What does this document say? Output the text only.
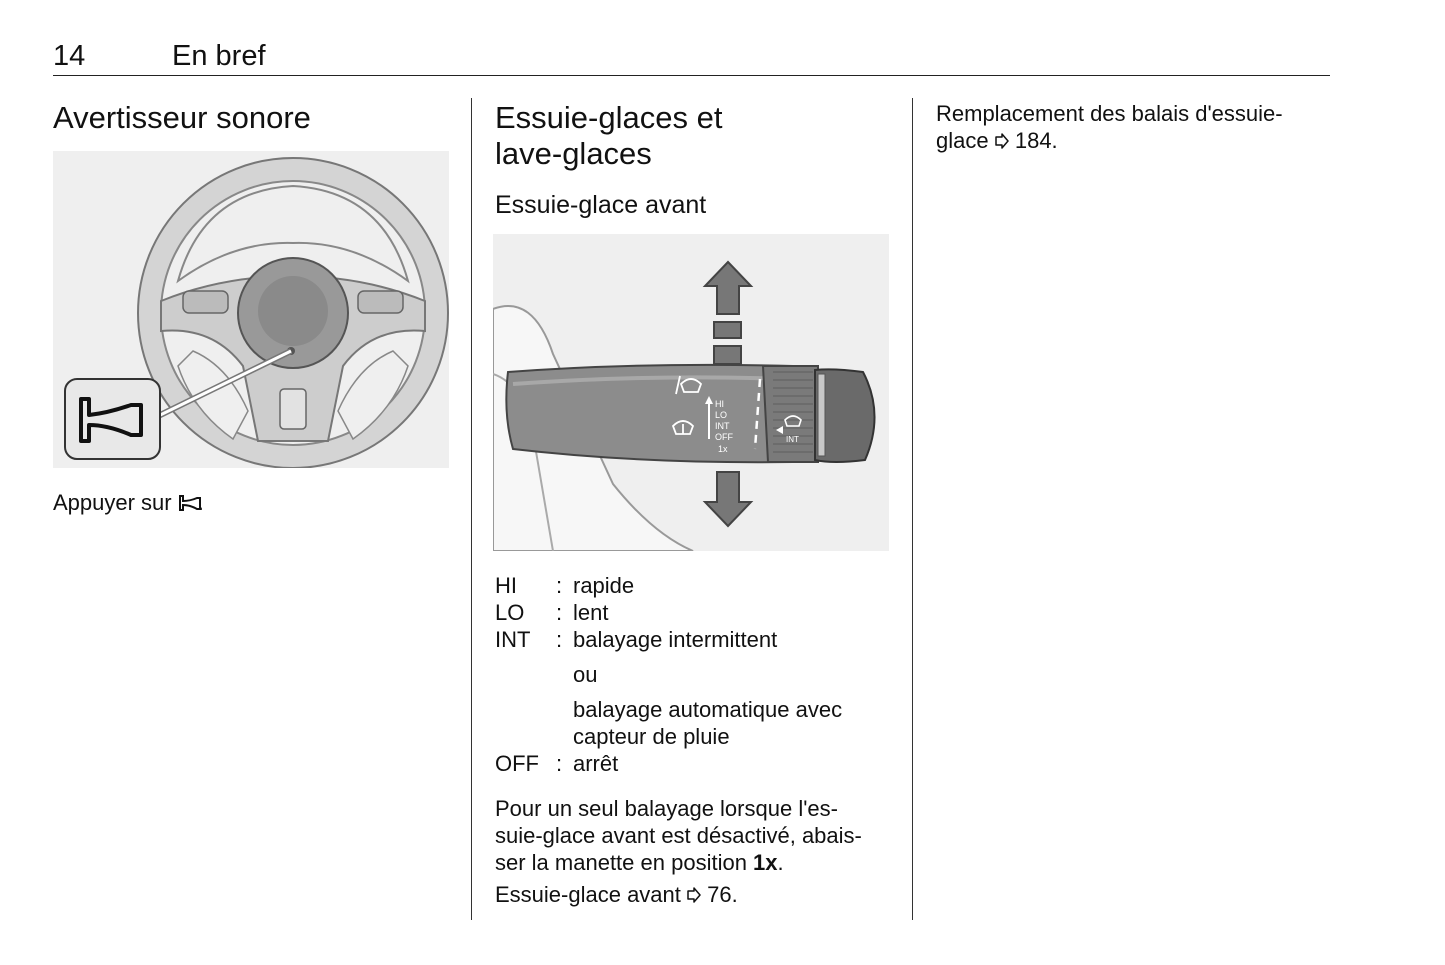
14	En bref
Avertisseur sonore
Appuyer sur .
Essuie-glaces et
lave-glaces
Essuie-glace avant
HI
LO
INT
OFF
1x
INT
HI : rapide
LO : lent
INT : balayage intermittent
ou
balayage automatique avec
capteur de pluie
OFF : arrêt
Pour un seul balayage lorsque l'es-
suie-glace avant est désactivé, abais-
ser la manette en position 1x.
Essuie-glace avant 76.
Remplacement des balais d'essuie-
glace 184.
